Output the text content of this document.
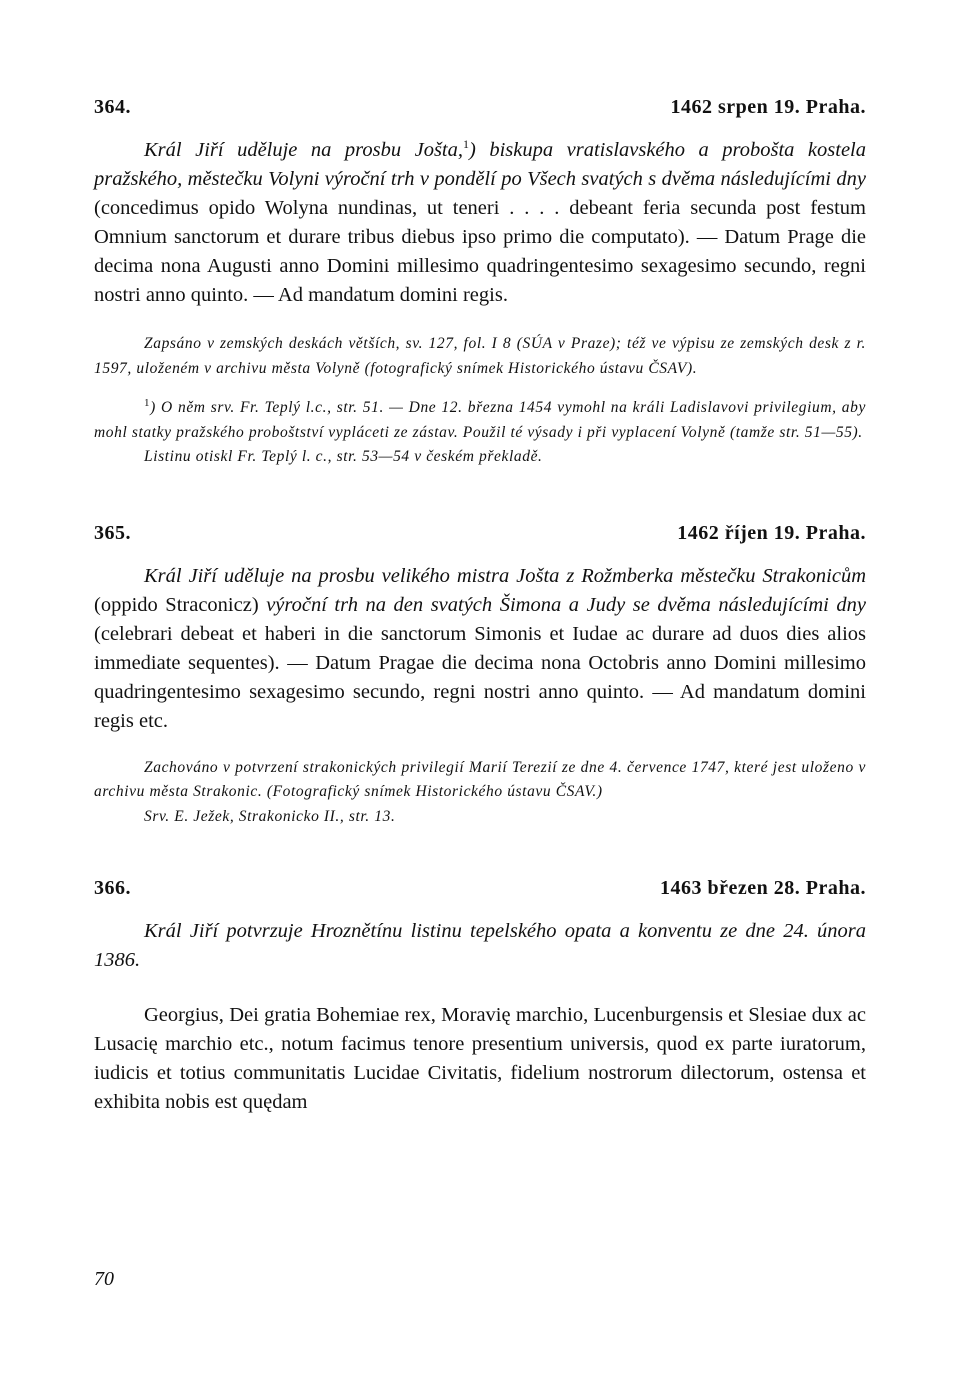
364.	1462 srpen 19. Praha.

Král Jiří uděluje na prosbu Jošta,$^1$) biskupa vratislavského a probošta kostela pražského, městečku Volyni výroční trh v pondělí po Všech svatých s dvěma následujícími dny (concedimus opido Wolyna nundinas, ut teneri . . . . debeant feria secunda post festum Omnium sanctorum et durare tribus diebus ipso primo die computato). — Datum Prage die decima nona Augusti anno Domini millesimo quadringentesimo sexagesimo secundo, regni nostri anno quinto. — Ad mandatum domini regis.

Zapsáno v zemských deskách větších, sv. 127, fol. I 8 (SÚA v Praze); též ve výpisu ze zemských desk z r. 1597, uloženém v archivu města Volyně (fotografický snímek Historického ústavu ČSAV).

$^1$) O něm srv. Fr. Teplý l.c., str. 51. — Dne 12. března 1454 vymohl na králi Ladislavovi privilegium, aby mohl statky pražského proboštství vypláceti ze zástav. Použil té výsady i při vyplacení Volyně (tamže str. 51—55).

Listinu otiskl Fr. Teplý l. c., str. 53—54 v českém překladě.

365.	1462 říjen 19. Praha.

Král Jiří uděluje na prosbu velikého mistra Jošta z Rožmberka městečku Strakonicům (oppido Straconicz) výroční trh na den svatých Šimona a Judy se dvěma následujícími dny (celebrari debeat et haberi in die sanctorum Simonis et Iudae ac durare ad duos dies alios immediate sequentes). — Datum Pragae die decima nona Octobris anno Domini millesimo quadringentesimo sexagesimo secundo, regni nostri anno quinto. — Ad mandatum domini regis etc.

Zachováno v potvrzení strakonických privilegií Marií Terezií ze dne 4. července 1747, které jest uloženo v archivu města Strakonic. (Fotografický snímek Historického ústavu ČSAV.)

Srv. E. Ježek, Strakonicko II., str. 13.

366.	1463 březen 28. Praha.

Král Jiří potvrzuje Hroznětínu listinu tepelského opata a konventu ze dne 24. února 1386.

Georgius, Dei gratia Bohemiae rex, Moravię marchio, Lucenburgensis et Slesiae dux ac Lusacię marchio etc., notum facimus tenore presentium universis, quod ex parte iuratorum, iudicis et totius communitatis Lucidae Civitatis, fidelium nostrorum dilectorum, ostensa et exhibita nobis est quędam

70
